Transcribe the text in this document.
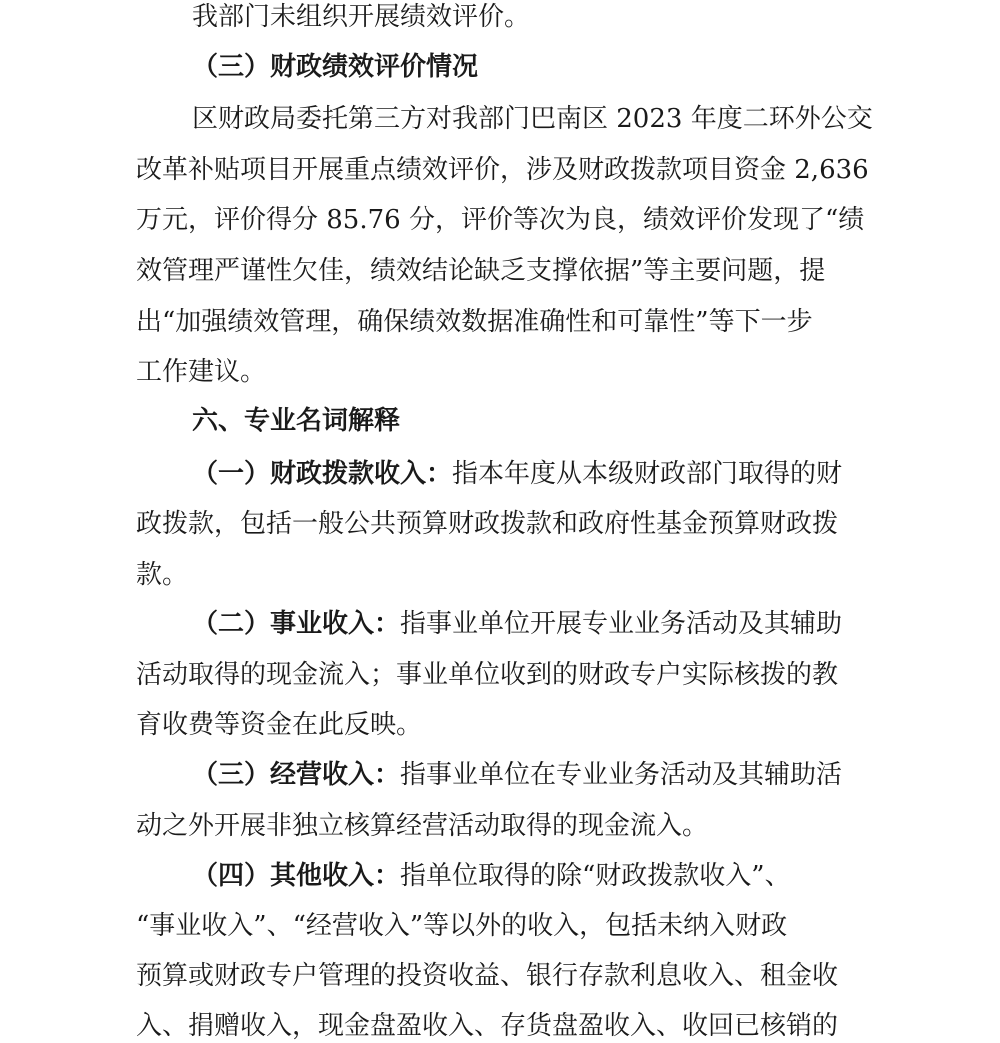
我部门未组织开展绩效评价。
（三）财政绩效评价情况
区财政局委托第三方对我部门巴南区 2023 年度二环外公交
改革补贴项目开展重点绩效评价，涉及财政拨款项目资金 2,636
万元，评价得分 85.76 分，评价等次为良，绩效评价发现了“绩
效管理严谨性欠佳，绩效结论缺乏支撑依据”等主要问题，提
出“加强绩效管理，确保绩效数据准确性和可靠性”等下一步
工作建议。
六、专业名词解释
（一）财政拨款收入：指本年度从本级财政部门取得的财
政拨款，包括一般公共预算财政拨款和政府性基金预算财政拨
款。
（二）事业收入：指事业单位开展专业业务活动及其辅助
活动取得的现金流入；事业单位收到的财政专户实际核拨的教
育收费等资金在此反映。
（三）经营收入：指事业单位在专业业务活动及其辅助活
动之外开展非独立核算经营活动取得的现金流入。
（四）其他收入：指单位取得的除“财政拨款收入”、
“事业收入”、“经营收入”等以外的收入，包括未纳入财政
预算或财政专户管理的投资收益、银行存款利息收入、租金收
入、捐赠收入，现金盘盈收入、存货盘盈收入、收回已核销的
